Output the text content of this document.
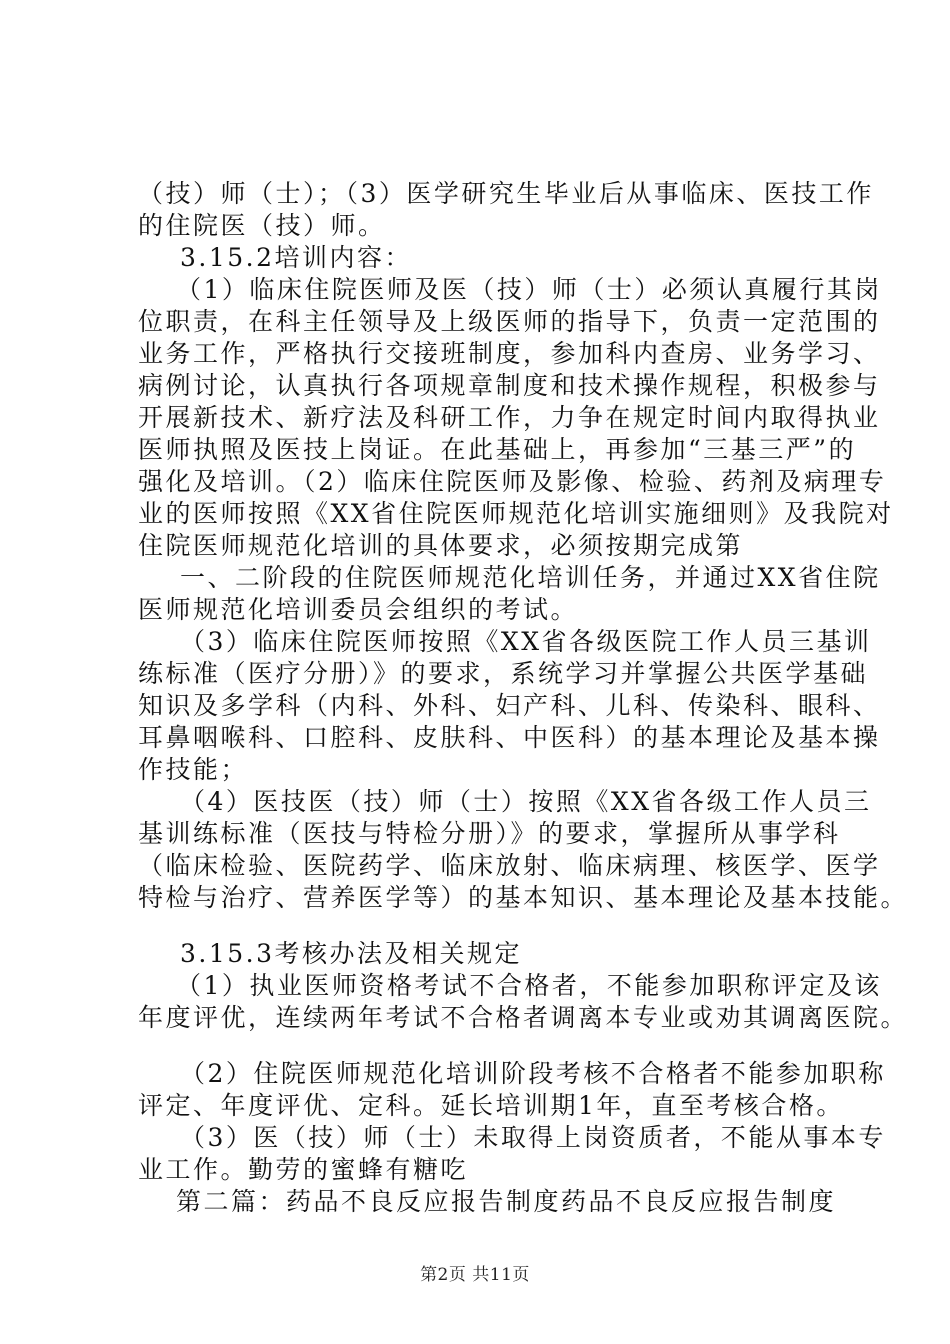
（技）师（士）；（3）医学研究生毕业后从事临床、医技工作
的住院医（技）师。
3.15.2培训内容：
（1）临床住院医师及医（技）师（士）必须认真履行其岗
位职责，在科主任领导及上级医师的指导下，负责一定范围的
业务工作，严格执行交接班制度，参加科内查房、业务学习、
病例讨论，认真执行各项规章制度和技术操作规程，积极参与
开展新技术、新疗法及科研工作，力争在规定时间内取得执业
医师执照及医技上岗证。在此基础上，再参加“三基三严”的
强化及培训。（2）临床住院医师及影像、检验、药剂及病理专
业的医师按照《XX省住院医师规范化培训实施细则》及我院对
住院医师规范化培训的具体要求，必须按期完成第
一、二阶段的住院医师规范化培训任务，并通过XX省住院
医师规范化培训委员会组织的考试。
（3）临床住院医师按照《XX省各级医院工作人员三基训
练标准（医疗分册）》的要求，系统学习并掌握公共医学基础
知识及多学科（内科、外科、妇产科、儿科、传染科、眼科、
耳鼻咽喉科、口腔科、皮肤科、中医科）的基本理论及基本操
作技能；
（4）医技医（技）师（士）按照《XX省各级工作人员三
基训练标准（医技与特检分册）》的要求，掌握所从事学科
（临床检验、医院药学、临床放射、临床病理、核医学、医学
特检与治疗、营养医学等）的基本知识、基本理论及基本技能。
3.15.3考核办法及相关规定
（1）执业医师资格考试不合格者，不能参加职称评定及该
年度评优，连续两年考试不合格者调离本专业或劝其调离医院。
（2）住院医师规范化培训阶段考核不合格者不能参加职称
评定、年度评优、定科。延长培训期1年，直至考核合格。
（3）医（技）师（士）未取得上岗资质者，不能从事本专
业工作。勤劳的蜜蜂有糖吃
第二篇：药品不良反应报告制度药品不良反应报告制度
第2页 共11页
